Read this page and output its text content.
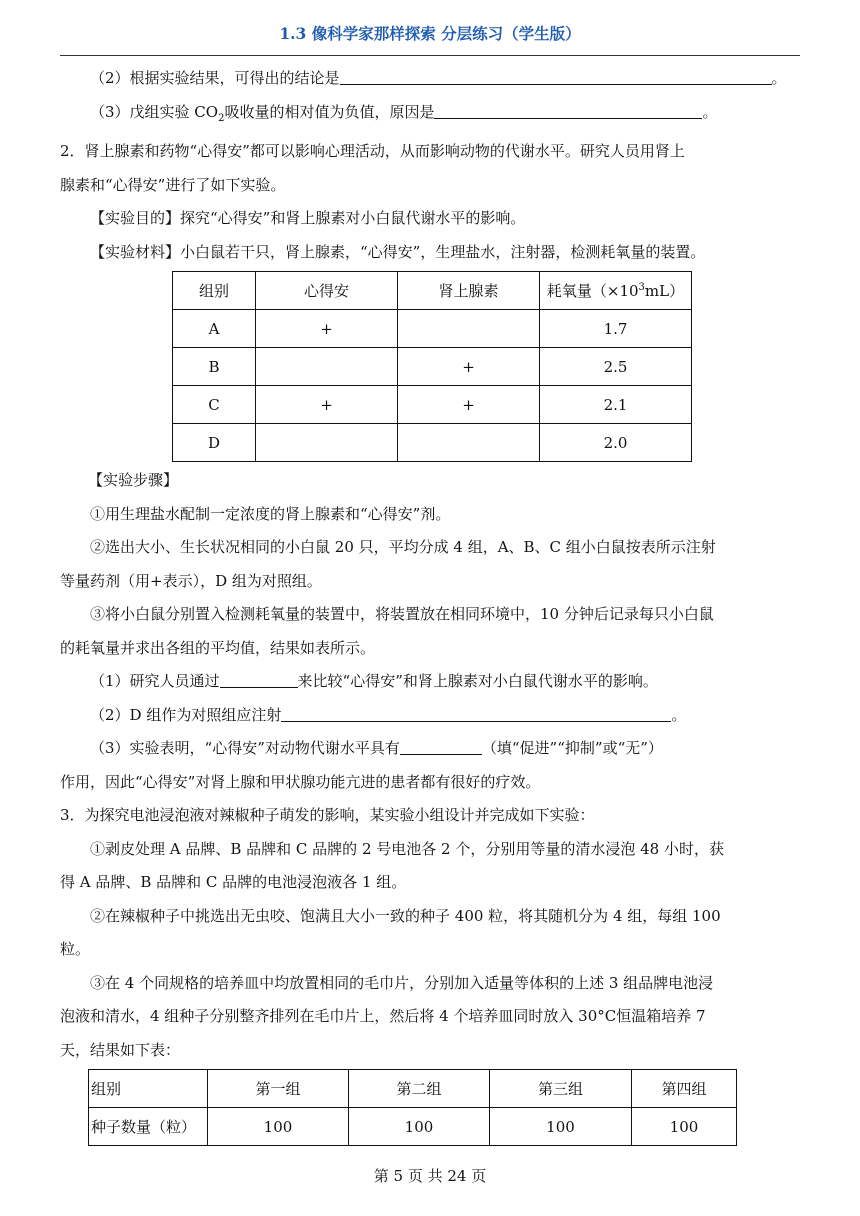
1.3 像科学家那样探索 分层练习（学生版）

（2）根据实验结果，可得出的结论是	。

（3）戊组实验 $CO_2$吸收量的相对值为负值，原因是	。

2．肾上腺素和药物“心得安”都可以影响心理活动，从而影响动物的代谢水平。研究人员用肾上

腺素和“心得安”进行了如下实验。

【实验目的】探究“心得安”和肾上腺素对小白鼠代谢水平的影响。

【实验材料】小白鼠若干只，肾上腺素，“心得安”，生理盐水，注射器，检测耗氧量的装置。

组别	心得安	肾上腺素	耗氧量$(\times 10^3mL)$
A	+		1.7
B		+	2.5
C	+	+	2.1
D			2.0

【实验步骤】

①用生理盐水配制一定浓度的肾上腺素和“心得安”剂。

②选出大小、生长状况相同的小白鼠 20 只，平均分成 4 组，A、B、C 组小白鼠按表所示注射

等量药剂（用+表示），D 组为对照组。

③将小白鼠分别置入检测耗氧量的装置中，将装置放在相同环境中，10 分钟后记录每只小白鼠

的耗氧量并求出各组的平均值，结果如表所示。

（1）研究人员通过	来比较“心得安”和肾上腺素对小白鼠代谢水平的影响。

（2）D 组作为对照组应注射	。

（3）实验表明，“心得安”对动物代谢水平具有	（填“促进”“抑制”或“无”）

作用，因此“心得安”对肾上腺和甲状腺功能亢进的患者都有很好的疗效。

3．为探究电池浸泡液对辣椒种子萌发的影响，某实验小组设计并完成如下实验：

①剥皮处理 A 品牌、B 品牌和 C 品牌的 2 号电池各 2 个，分别用等量的清水浸泡 48 小时，获

得 A 品牌、B 品牌和 C 品牌的电池浸泡液各 1 组。

②在辣椒种子中挑选出无虫咬、饱满且大小一致的种子 400 粒，将其随机分为 4 组，每组 100

粒。

③在 4 个同规格的培养皿中均放置相同的毛巾片，分别加入适量等体积的上述 3 组品牌电池浸

泡液和清水，4 组种子分别整齐排列在毛巾片上，然后将 4 个培养皿同时放入 30°C恒温箱培养 7

天，结果如下表：

组别	第一组	第二组	第三组	第四组
种子数量（粒）	100	100	100	100
第 5 页 共 24 页
